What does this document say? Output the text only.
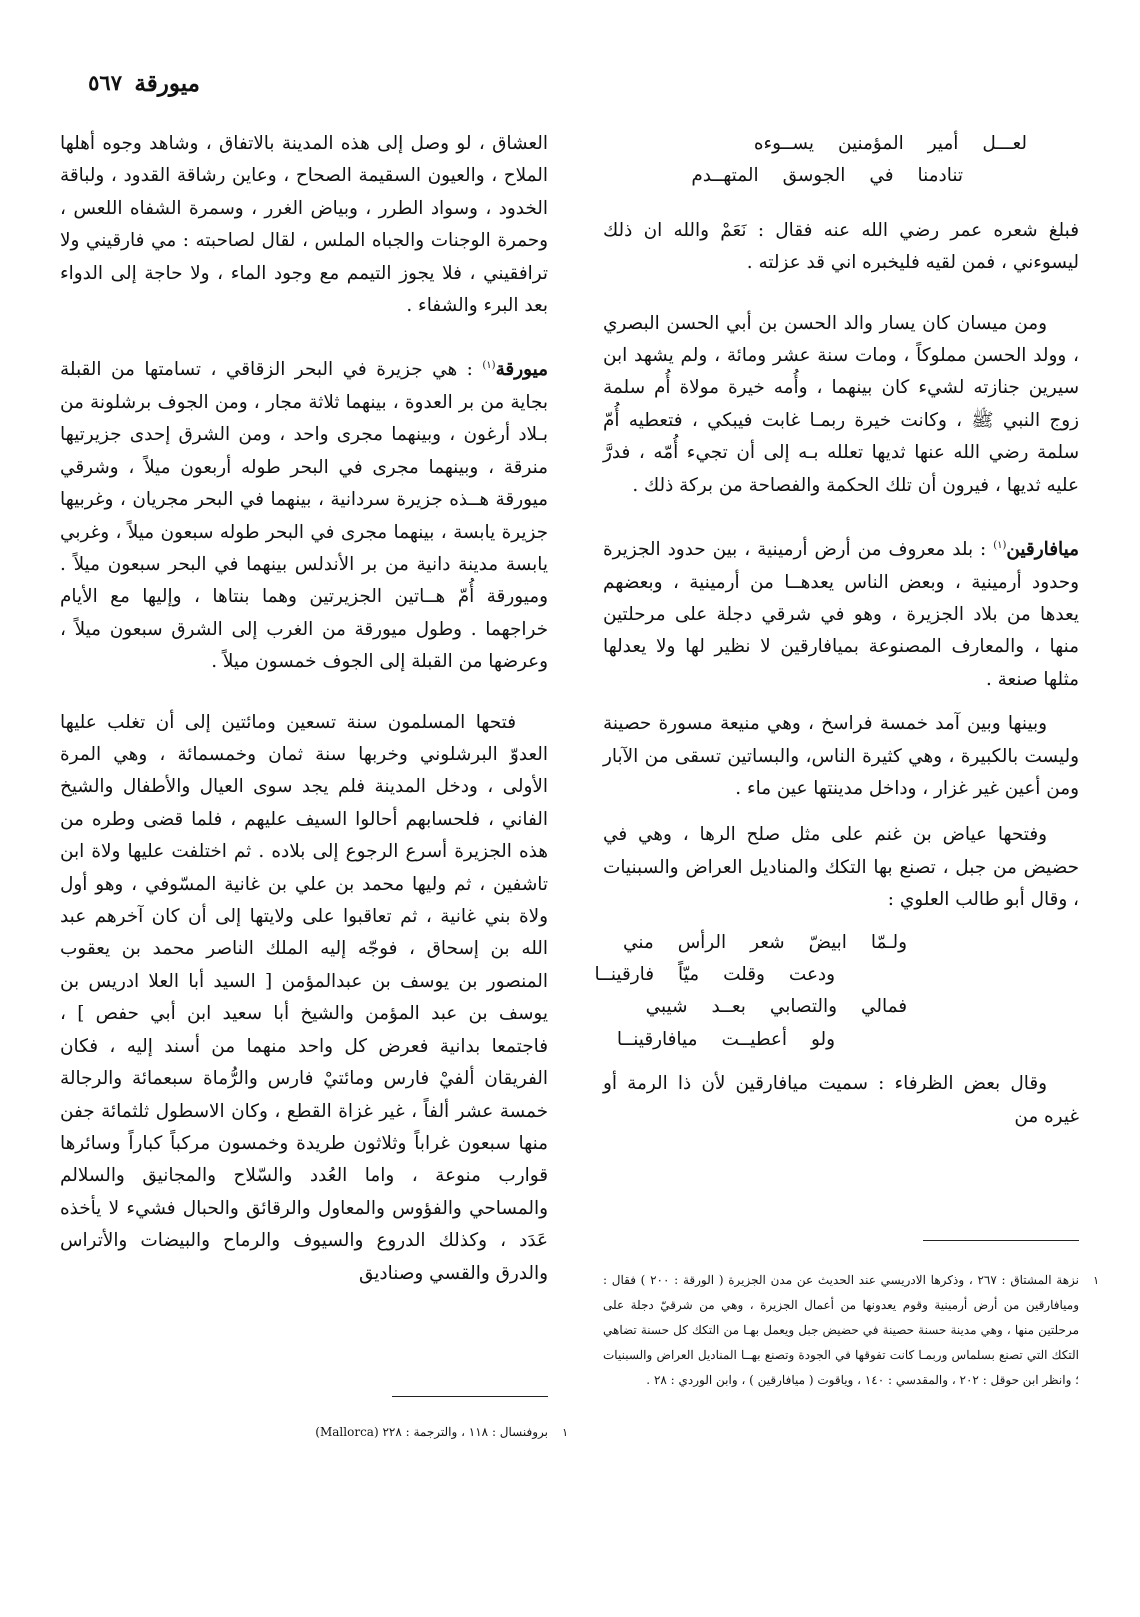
ميورقة
٥٦٧
لعـــل
أمير
المؤمنين
يســوءه
تنادمنا
في
الجوسق
المتهــدم

فبلغ شعره عمر رضي الله عنه فقال : نَعَمْ والله ان ذلك ليسوءني ، فمن لقيه فليخبره اني قد عزلته .

ومن ميسان كان يسار والد الحسن بن أبي الحسن البصري ، وولد الحسن مملوكاً ، ومات سنة عشر ومائة ، ولم يشهد ابن سيرين جنازته لشيء كان بينهما ، وأُمه خيرة مولاة أُم سلمة زوج النبي ﷺ ، وكانت خيرة ربمـا غابت فيبكي ، فتعطيه أُمّ سلمة رضي الله عنها ثديها تعلله بـه إلى أن تجيء أُمّه ، فدرَّ عليه ثديها ، فيرون أن تلك الحكمة والفصاحة من بركة ذلك .

ميافارقين$^{(١)}$ : بلد معروف من أرض أرمينية ، بين حدود الجزيرة وحدود أرمينية ، وبعض الناس يعدهــا من أرمينية ، وبعضهم يعدها من بلاد الجزيرة ، وهو في شرقي دجلة على مرحلتين منها ، والمعارف المصنوعة بميافارقين لا نظير لها ولا يعدلها مثلها صنعة .

وبينها وبين آمد خمسة فراسخ ، وهي منيعة مسورة حصينة وليست بالكبيرة ، وهي كثيرة الناس، والبساتين تسقى من الآبار ومن أعين غير غزار ، وداخل مدينتها عين ماء .

وفتحها عياض بن غنم على مثل صلح الرها ، وهي في حضيض من جبل ، تصنع بها التكك والمناديل العراض والسبنيات ، وقال أبو طالب العلوي :

ولـمّا
ابيضّ
شعر
الرأس
مني
ودعت
وقلت
ميّاً
فارقينــا
فمالي
والتصابي
بعــد
شيبي
ولو
أعطيــت
ميافارقينــا

وقال بعض الظرفاء : سميت ميافارقين لأن ذا الرمة أو غيره من

١
نزهة المشتاق : ٢٦٧ ، وذكرها الادريسي عند الحديث عن مدن الجزيرة ( الورقة : ٢٠٠ ) فقال : وميافارقين من أرض أرمينية وقوم يعدونها من أعمال الجزيرة ، وهي من شرقيّ دجلة على مرحلتين منها ، وهي مدينة حسنة حصينة في حضيض جبل ويعمل بهـا من التكك كل حسنة تضاهي التكك التي تصنع بسلماس وربمـا كانت تفوقها في الجودة وتصنع بهــا المناديل العراض والسبنيات ؛ وانظر ابن حوقل : ٢٠٢ ، والمقدسي : ١٤٠ ، وياقوت ( ميافارقين ) ، وابن الوردي : ٢٨ .

العشاق ، لو وصل إلى هذه المدينة بالاتفاق ، وشاهد وجوه أهلها الملاح ، والعيون السقيمة الصحاح ، وعاين رشاقة القدود ، ولباقة الخدود ، وسواد الطرر ، وبياض الغرر ، وسمرة الشفاه اللعس ، وحمرة الوجنات والجباه الملس ، لقال لصاحبته : مي فارقيني ولا ترافقيني ، فلا يجوز التيمم مع وجود الماء ، ولا حاجة إلى الدواء بعد البرء والشفاء .

ميورقة$^{(١)}$ : هي جزيرة في البحر الزقاقي ، تسامتها من القبلة بجاية من بر العدوة ، بينهما ثلاثة مجار ، ومن الجوف برشلونة من بـلاد أرغون ، وبينهما مجرى واحد ، ومن الشرق إحدى جزيرتيها منرقة ، وبينهما مجرى في البحر طوله أربعون ميلاً ، وشرقي ميورقة هــذه جزيرة سردانية ، بينهما في البحر مجريان ، وغربيها جزيرة يابسة ، بينهما مجرى في البحر طوله سبعون ميلاً ، وغربي يابسة مدينة دانية من بر الأندلس بينهما في البحر سبعون ميلاً . وميورقة أُمّ هــاتين الجزيرتين وهما بنتاها ، وإليها مع الأيام خراجهما . وطول ميورقة من الغرب إلى الشرق سبعون ميلاً ، وعرضها من القبلة إلى الجوف خمسون ميلاً .

فتحها المسلمون سنة تسعين ومائتين إلى أن تغلب عليها العدوّ البرشلوني وخربها سنة ثمان وخمسمائة ، وهي المرة الأولى ، ودخل المدينة فلم يجد سوى العيال والأطفال والشيخ الفاني ، فلحسابهم أحالوا السيف عليهم ، فلما قضى وطره من هذه الجزيرة أسرع الرجوع إلى بلاده . ثم اختلفت عليها ولاة ابن تاشفين ، ثم وليها محمد بن علي بن غانية المسّوفي ، وهو أول ولاة بني غانية ، ثم تعاقبوا على ولايتها إلى أن كان آخرهم عبد الله بن إسحاق ، فوجّه إليه الملك الناصر محمد بن يعقوب المنصور بن يوسف بن عبدالمؤمن [ السيد أبا العلا ادريس بن يوسف بن عبد المؤمن والشيخ أبا سعيد ابن أبي حفص ] ، فاجتمعا بدانية فعرض كل واحد منهما من أسند إليه ، فكان الفريقان ألفيْ فارس ومائتيْ فارس والرُّماة سبعمائة والرجالة خمسة عشر ألفاً ، غير غزاة القطع ، وكان الاسطول ثلثمائة جفن منها سبعون غراباً وثلاثون طريدة وخمسون مركباً كباراً وسائرها قوارب منوعة ، واما العُدد والسّلاح والمجانيق والسلالم والمساحي والفؤوس والمعاول والرقائق والحبال فشيء لا يأخذه عَدَد ، وكذلك الدروع والسيوف والرماح والبيضات والأتراس والدرق والقسي وصناديق

١
بروفنسال : ١١٨ ، والترجمة : ٢٢٨ (Mallorca)
